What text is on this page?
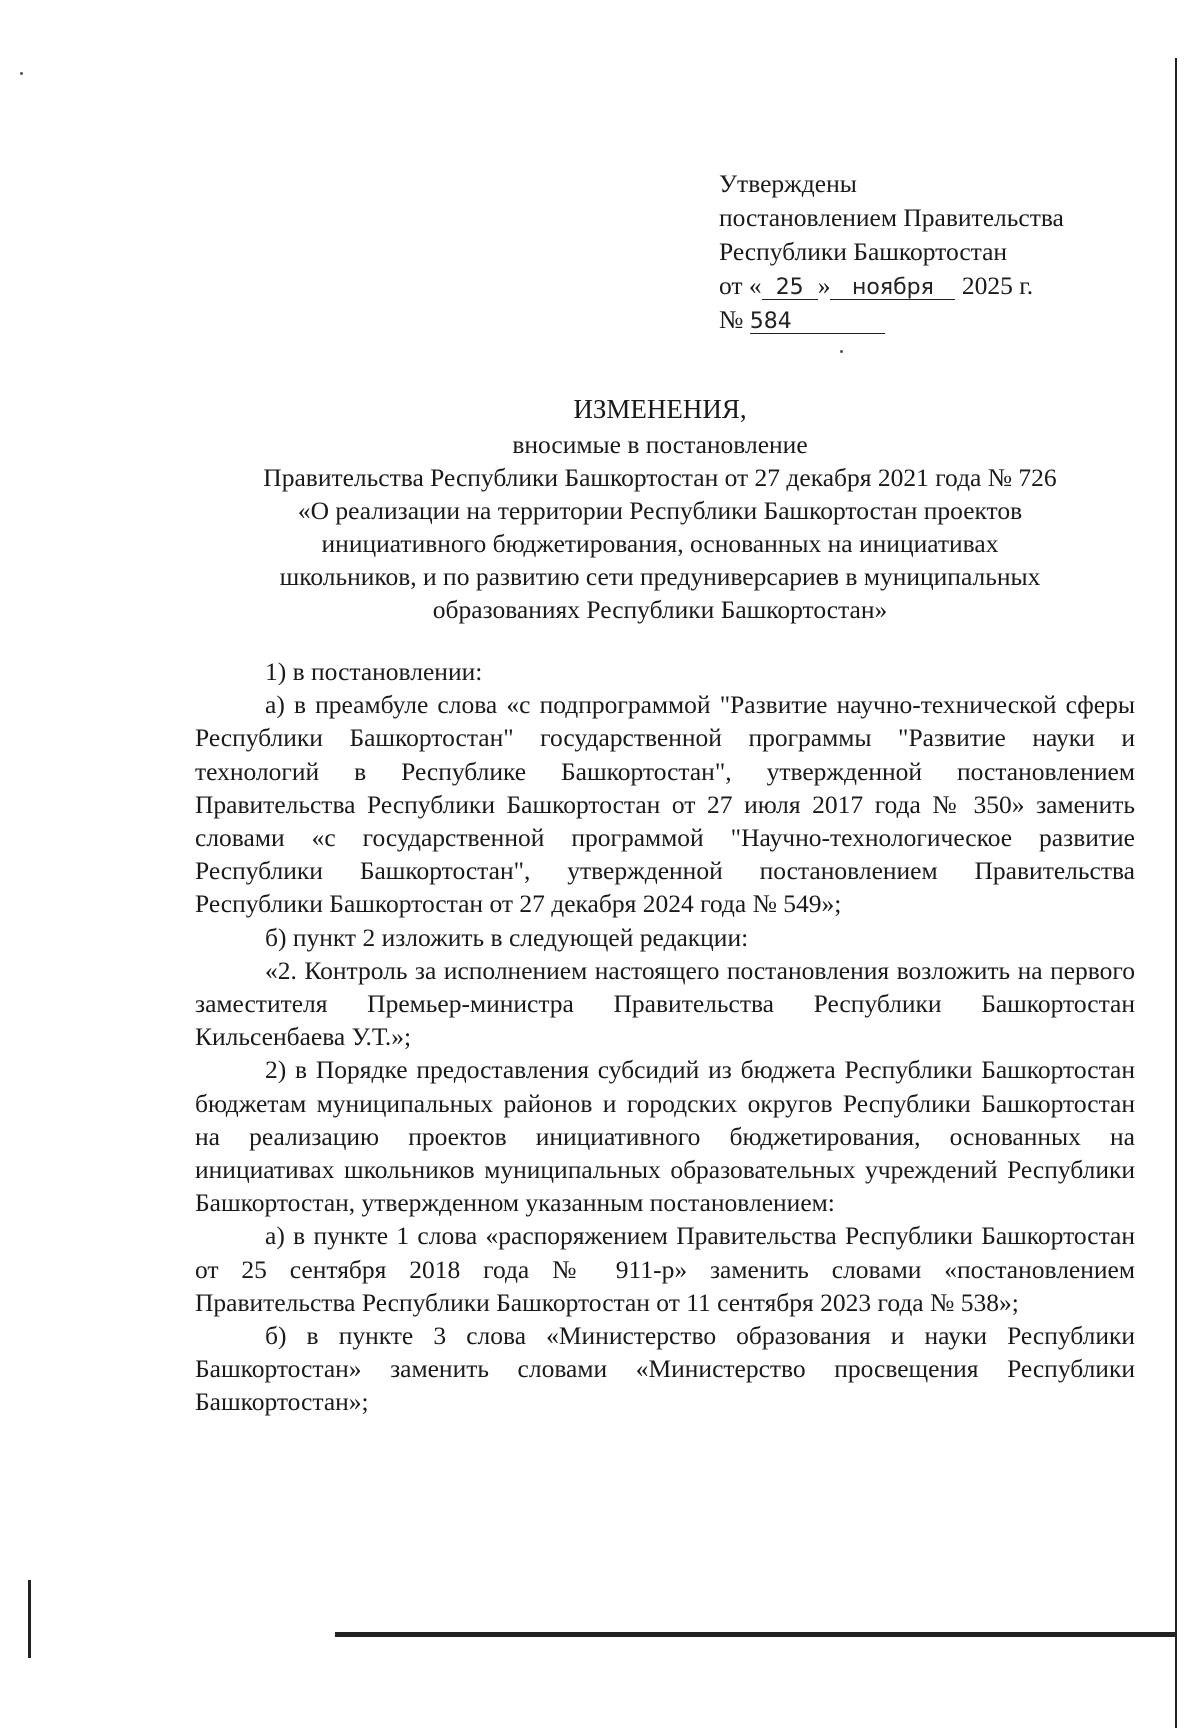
Утверждены
постановлением Правительства
Республики Башкортостан
от « 25 » ноября 2025 г.
№ 584
ИЗМЕНЕНИЯ,
вносимые в постановление
Правительства Республики Башкортостан от 27 декабря 2021 года № 726
«О реализации на территории Республики Башкортостан проектов
инициативного бюджетирования, основанных на инициативах
школьников, и по развитию сети предуниверсариев в муниципальных
образованиях Республики Башкортостан»

1) в постановлении:

а) в преамбуле слова «с подпрограммой "Развитие научно-технической сферы Республики Башкортостан" государственной программы "Развитие науки и технологий в Республике Башкортостан", утвержденной постановлением Правительства Республики Башкортостан от 27 июля 2017 года № 350» заменить словами «с государственной программой "Научно-технологическое развитие Республики Башкортостан", утвержденной постановлением Правительства Республики Башкортостан от 27 декабря 2024 года № 549»;

б) пункт 2 изложить в следующей редакции:

«2. Контроль за исполнением настоящего постановления возложить на первого заместителя Премьер-министра Правительства Республики Башкортостан Кильсенбаева У.Т.»;

2) в Порядке предоставления субсидий из бюджета Республики Башкортостан бюджетам муниципальных районов и городских округов Республики Башкортостан на реализацию проектов инициативного бюджетирования, основанных на инициативах школьников муниципальных образовательных учреждений Республики Башкортостан, утвержденном указанным постановлением:

а) в пункте 1 слова «распоряжением Правительства Республики Башкортостан от 25 сентября 2018 года № 911-р» заменить словами «постановлением Правительства Республики Башкортостан от 11 сентября 2023 года № 538»;

б) в пункте 3 слова «Министерство образования и науки Республики Башкортостан» заменить словами «Министерство просвещения Республики Башкортостан»;
